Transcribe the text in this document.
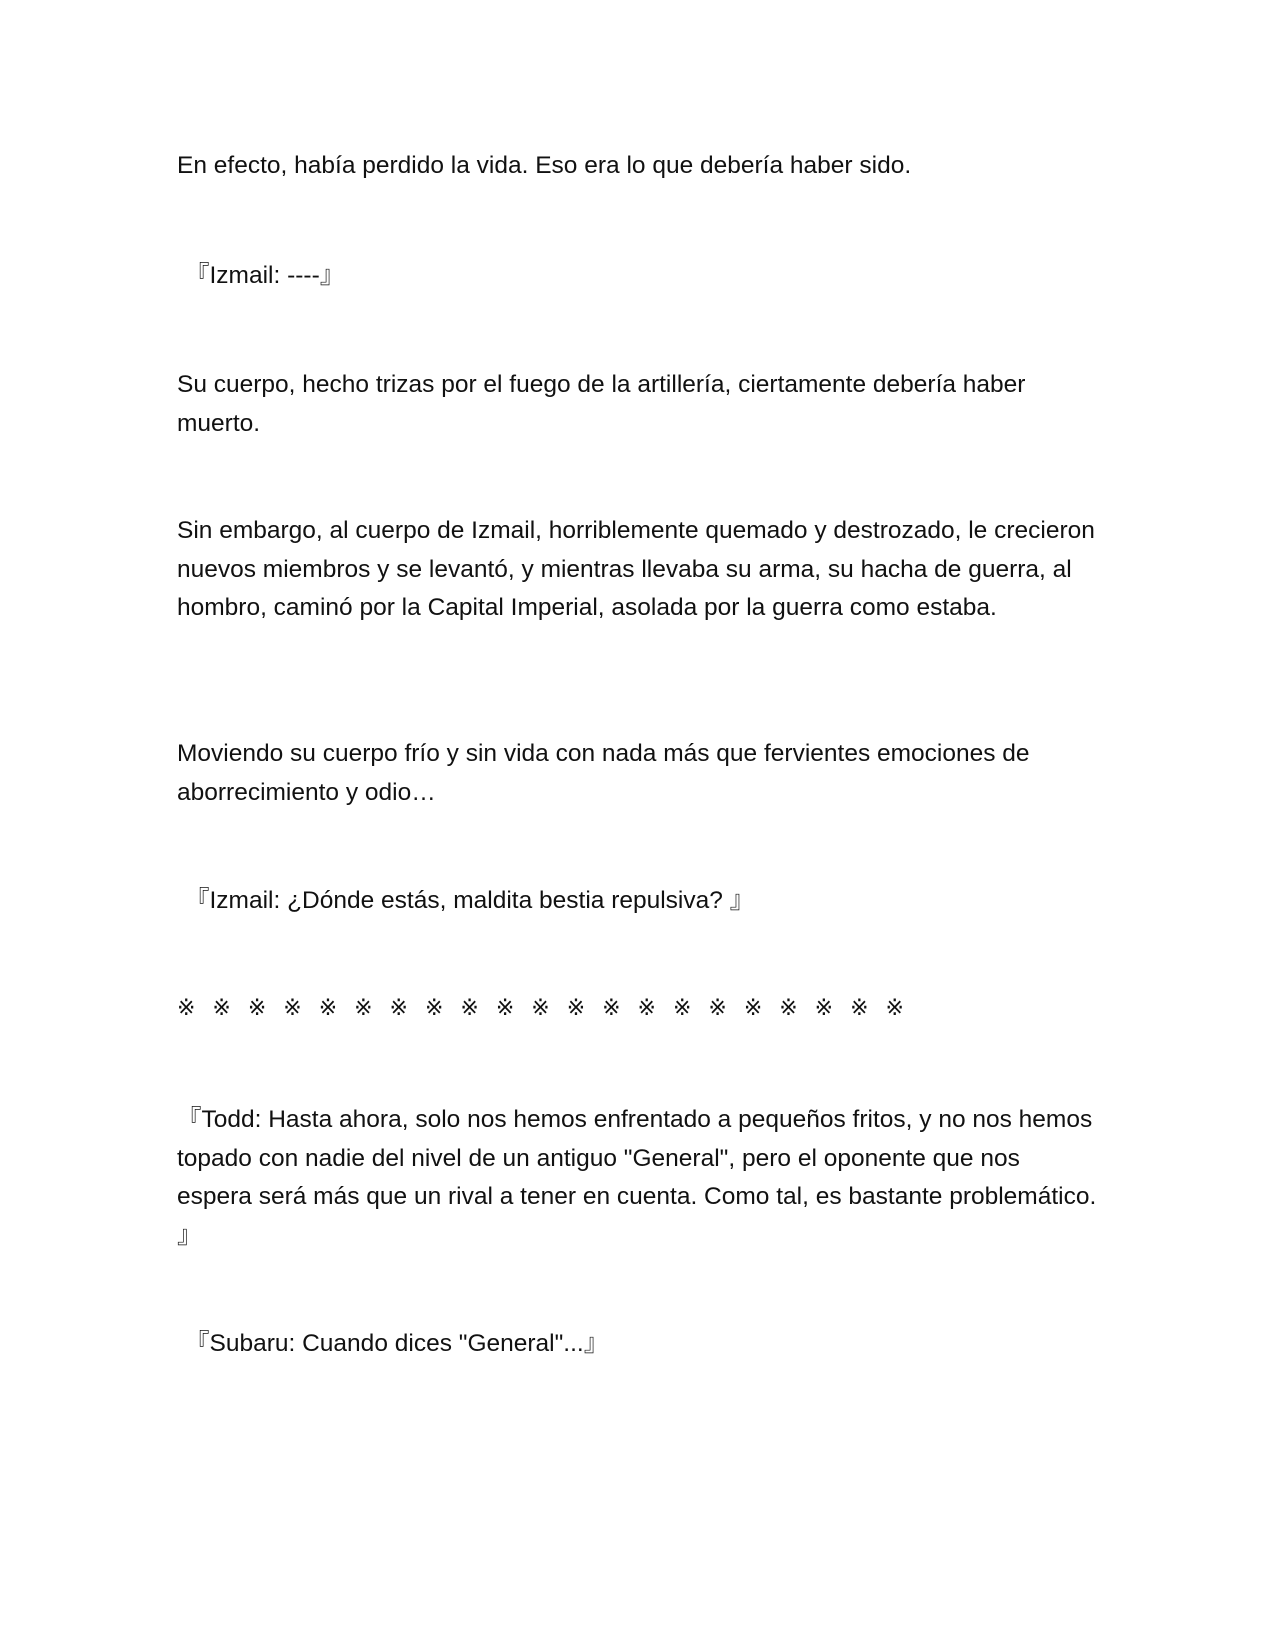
En efecto, había perdido la vida. Eso era lo que debería haber sido.

『Izmail: ----』

Su cuerpo, hecho trizas por el fuego de la artillería, ciertamente debería haber muerto.

Sin embargo, al cuerpo de Izmail, horriblemente quemado y destrozado, le crecieron nuevos miembros y se levantó, y mientras llevaba su arma, su hacha de guerra, al hombro, caminó por la Capital Imperial, asolada por la guerra como estaba.

Moviendo su cuerpo frío y sin vida con nada más que fervientes emociones de aborrecimiento y odio…

『Izmail: ¿Dónde estás, maldita bestia repulsiva? 』

※ ※ ※ ※ ※ ※ ※ ※ ※ ※ ※ ※ ※ ※ ※ ※ ※ ※ ※ ※ ※

『Todd: Hasta ahora, solo nos hemos enfrentado a pequeños fritos, y no nos hemos topado con nadie del nivel de un antiguo "General", pero el oponente que nos espera será más que un rival a tener en cuenta. Como tal, es bastante problemático. 』

『Subaru: Cuando dices "General"...』
